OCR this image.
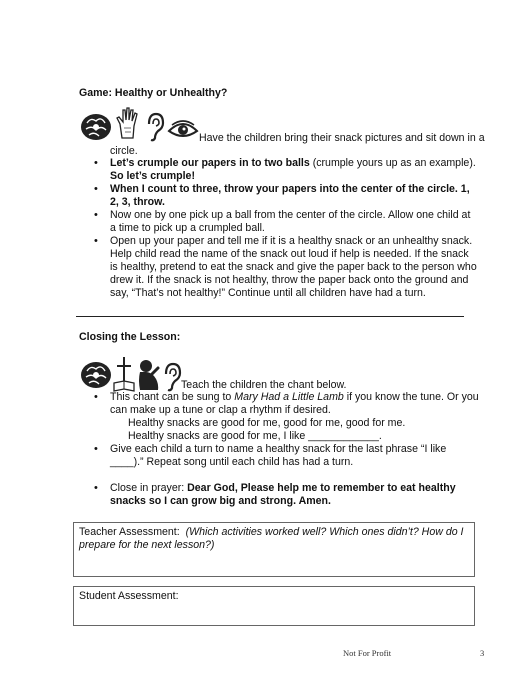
Game: Healthy or Unhealthy?
Have the children bring their snack pictures and sit down in a
circle.
• Let’s crumple our papers in to two balls (crumple yours up as an example).
So let’s crumple!
• When I count to three, throw your papers into the center of the circle. 1, 2, 3, throw.
• Now one by one pick up a ball from the center of the circle. Allow one child at a time to pick up a crumpled ball.
• Open up your paper and tell me if it is a healthy snack or an unhealthy snack. Help child read the name of the snack out loud if help is needed. If the snack is healthy, pretend to eat the snack and give the paper back to the person who drew it. If the snack is not healthy, throw the paper back onto the ground and say, “That’s not healthy!” Continue until all children have had a turn.
Closing the Lesson:
Teach the children the chant below.
• This chant can be sung to Mary Had a Little Lamb if you know the tune. Or you can make up a tune or clap a rhythm if desired.
Healthy snacks are good for me, good for me, good for me.
Healthy snacks are good for me, I like ____________.
• Give each child a turn to name a healthy snack for the last phrase “I like ____).” Repeat song until each child has had a turn.
• Close in prayer: Dear God, Please help me to remember to eat healthy snacks so I can grow big and strong. Amen.
Teacher Assessment: (Which activities worked well? Which ones didn’t? How do I prepare for the next lesson?)
Student Assessment:
Not For Profit	3
